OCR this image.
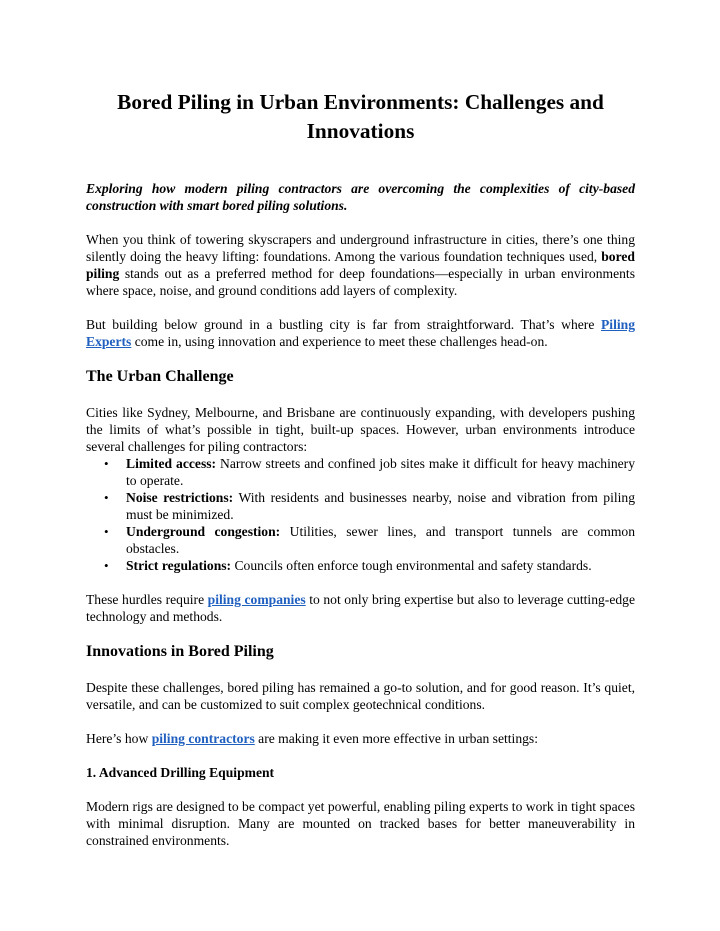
Bored Piling in Urban Environments: Challenges and Innovations

Exploring how modern piling contractors are overcoming the complexities of city-based construction with smart bored piling solutions.

When you think of towering skyscrapers and underground infrastructure in cities, there’s one thing silently doing the heavy lifting: foundations. Among the various foundation techniques used, bored piling stands out as a preferred method for deep foundations—especially in urban environments where space, noise, and ground conditions add layers of complexity.

But building below ground in a bustling city is far from straightforward. That’s where Piling Experts come in, using innovation and experience to meet these challenges head-on.

The Urban Challenge

Cities like Sydney, Melbourne, and Brisbane are continuously expanding, with developers pushing the limits of what’s possible in tight, built-up spaces. However, urban environments introduce several challenges for piling contractors:

• Limited access: Narrow streets and confined job sites make it difficult for heavy machinery to operate.
• Noise restrictions: With residents and businesses nearby, noise and vibration from piling must be minimized.
• Underground congestion: Utilities, sewer lines, and transport tunnels are common obstacles.
• Strict regulations: Councils often enforce tough environmental and safety standards.

These hurdles require piling companies to not only bring expertise but also to leverage cutting-edge technology and methods.

Innovations in Bored Piling

Despite these challenges, bored piling has remained a go-to solution, and for good reason. It’s quiet, versatile, and can be customized to suit complex geotechnical conditions.

Here’s how piling contractors are making it even more effective in urban settings:

1. Advanced Drilling Equipment

Modern rigs are designed to be compact yet powerful, enabling piling experts to work in tight spaces with minimal disruption. Many are mounted on tracked bases for better maneuverability in constrained environments.
